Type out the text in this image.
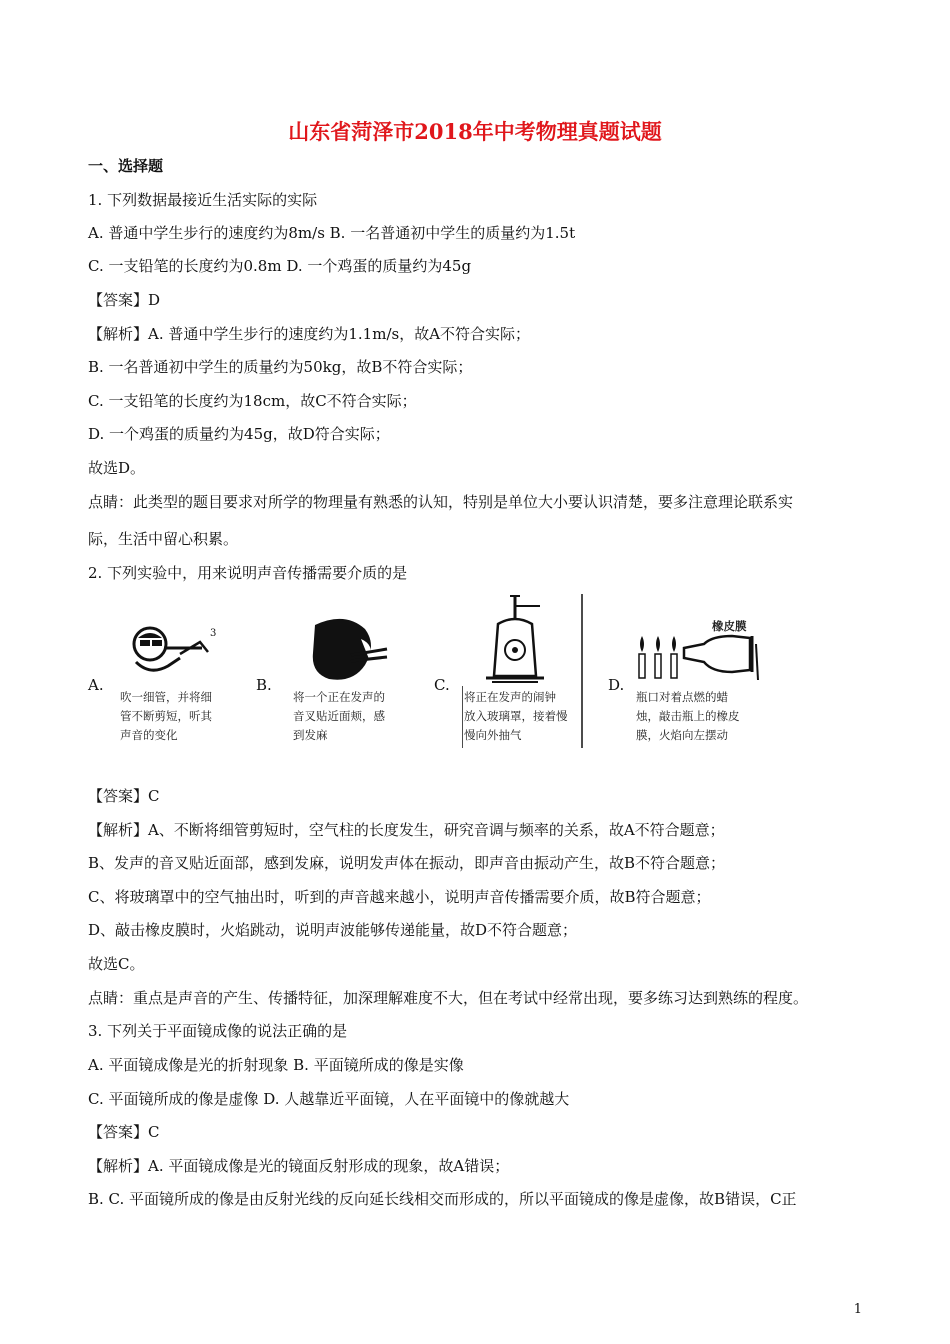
山东省菏泽市2018年中考物理真题试题
一、选择题
1. 下列数据最接近生活实际的实际
A. 普通中学生步行的速度约为8m/s B. 一名普通初中学生的质量约为1.5t
C. 一支铅笔的长度约为0.8m D. 一个鸡蛋的质量约为45g
【答案】D
【解析】A. 普通中学生步行的速度约为1.1m/s，故A不符合实际；
B. 一名普通初中学生的质量约为50kg，故B不符合实际；
C. 一支铅笔的长度约为18cm，故C不符合实际；
D. 一个鸡蛋的质量约为45g，故D符合实际；
故选D。
点睛：此类型的题目要求对所学的物理量有熟悉的认知，特别是单位大小要认识清楚，要多注意理论联系实
际，生活中留心积累。
2. 下列实验中，用来说明声音传播需要介质的是
A.
3
吹一细管，并将细
管不断剪短，听其
声音的变化
B.
将一个正在发声的
音叉贴近面颊，感
到发麻
C.
将正在发声的闹钟
放入玻璃罩，接着慢
慢向外抽气
D.
橡皮膜
瓶口对着点燃的蜡
烛，敲击瓶上的橡皮
膜，火焰向左摆动
【答案】C
【解析】A、不断将细管剪短时，空气柱的长度发生，研究音调与频率的关系，故A不符合题意；
B、发声的音叉贴近面部，感到发麻，说明发声体在振动，即声音由振动产生，故B不符合题意；
C、将玻璃罩中的空气抽出时，听到的声音越来越小，说明声音传播需要介质，故B符合题意；
D、敲击橡皮膜时，火焰跳动，说明声波能够传递能量，故D不符合题意；
故选C。
点睛：重点是声音的产生、传播特征，加深理解难度不大，但在考试中经常出现，要多练习达到熟练的程度。
3. 下列关于平面镜成像的说法正确的是
A. 平面镜成像是光的折射现象 B. 平面镜所成的像是实像
C. 平面镜所成的像是虚像 D. 人越靠近平面镜，人在平面镜中的像就越大
【答案】C
【解析】A. 平面镜成像是光的镜面反射形成的现象，故A错误；
B. C. 平面镜所成的像是由反射光线的反向延长线相交而形成的，所以平面镜成的像是虚像，故B错误，C正
1
